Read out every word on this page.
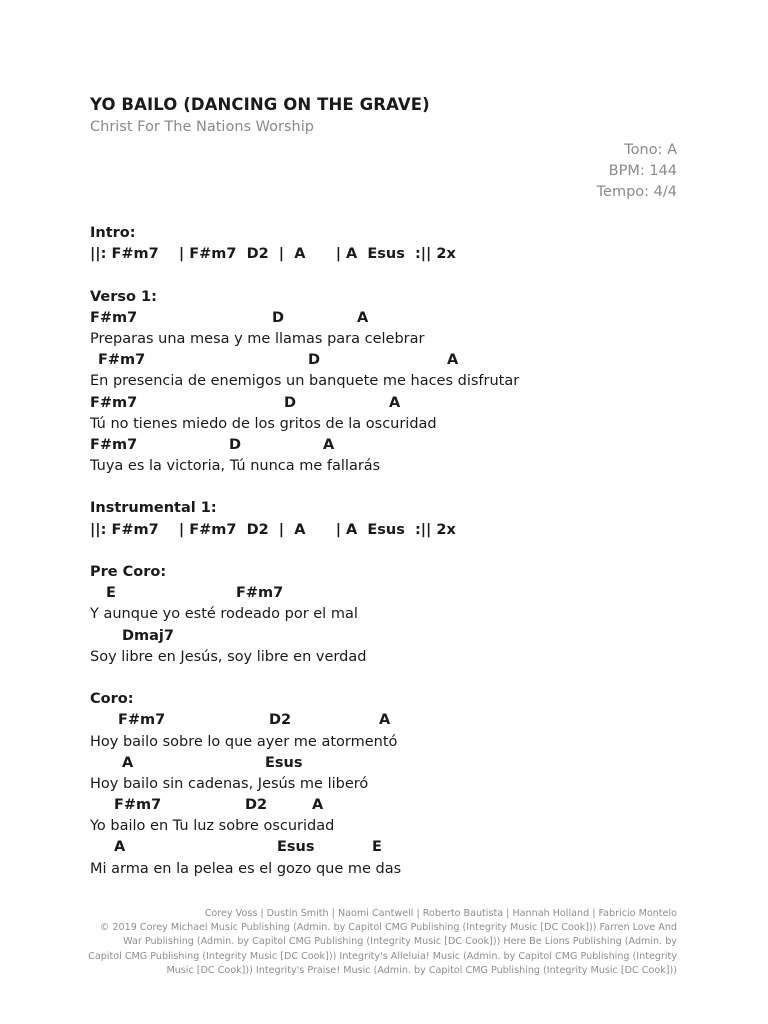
YO BAILO (DANCING ON THE GRAVE)
Christ For The Nations Worship
Tono: A
BPM: 144
Tempo: 4/4
Intro:
||: F#m7    | F#m7  D2  |  A      | A  Esus  :|| 2x
Verso 1:
F#m7	D	A
Preparas una mesa y me llamas para celebrar
F#m7	D	A
En presencia de enemigos un banquete me haces disfrutar
F#m7	D	A
Tú no tienes miedo de los gritos de la oscuridad
F#m7	D	A
Tuya es la victoria, Tú nunca me fallarás
Instrumental 1:
||: F#m7    | F#m7  D2  |  A      | A  Esus  :|| 2x
Pre Coro:
E	F#m7
Y aunque yo esté rodeado por el mal
Dmaj7
Soy libre en Jesús, soy libre en verdad
Coro:
F#m7	D2	A
Hoy bailo sobre lo que ayer me atormentó
A	Esus
Hoy bailo sin cadenas, Jesús me liberó
F#m7	D2	A
Yo bailo en Tu luz sobre oscuridad
A	Esus	E
Mi arma en la pelea es el gozo que me das
Corey Voss | Dustin Smith | Naomi Cantwell | Roberto Bautista | Hannah Holland | Fabricio Montelo
© 2019 Corey Michael Music Publishing (Admin. by Capitol CMG Publishing (Integrity Music [DC Cook])) Farren Love And War Publishing (Admin. by Capitol CMG Publishing (Integrity Music [DC Cook])) Here Be Lions Publishing (Admin. by Capitol CMG Publishing (Integrity Music [DC Cook])) Integrity's Alleluia! Music (Admin. by Capitol CMG Publishing (Integrity Music [DC Cook])) Integrity's Praise! Music (Admin. by Capitol CMG Publishing (Integrity Music [DC Cook]))
